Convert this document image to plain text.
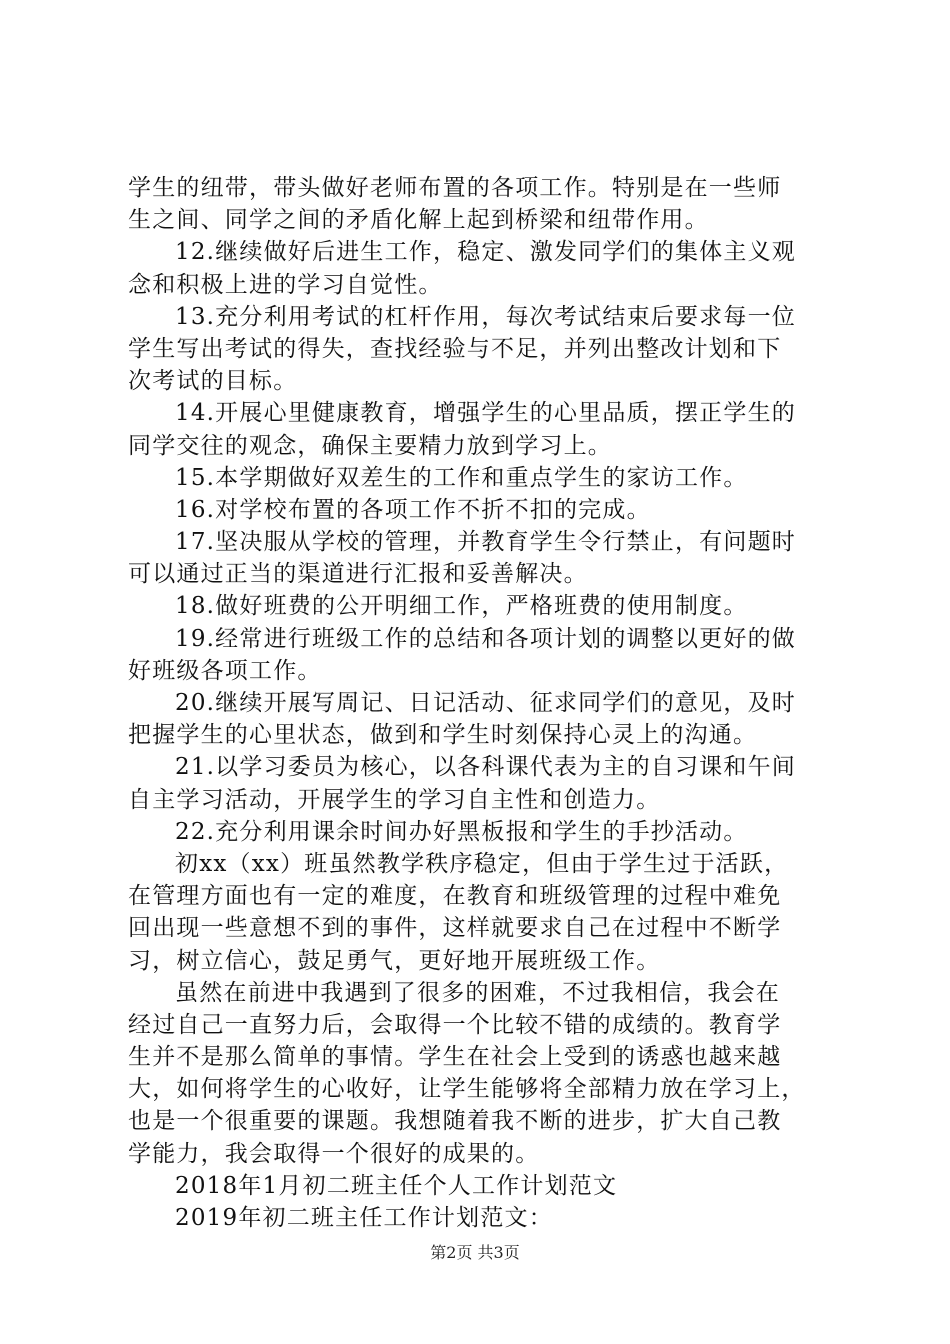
学生的纽带，带头做好老师布置的各项工作。特别是在一些师
生之间、同学之间的矛盾化解上起到桥梁和纽带作用。
12.继续做好后进生工作，稳定、激发同学们的集体主义观
念和积极上进的学习自觉性。
13.充分利用考试的杠杆作用，每次考试结束后要求每一位
学生写出考试的得失，查找经验与不足，并列出整改计划和下
次考试的目标。
14.开展心里健康教育，增强学生的心里品质，摆正学生的
同学交往的观念，确保主要精力放到学习上。
15.本学期做好双差生的工作和重点学生的家访工作。
16.对学校布置的各项工作不折不扣的完成。
17.坚决服从学校的管理，并教育学生令行禁止，有问题时
可以通过正当的渠道进行汇报和妥善解决。
18.做好班费的公开明细工作，严格班费的使用制度。
19.经常进行班级工作的总结和各项计划的调整以更好的做
好班级各项工作。
20.继续开展写周记、日记活动、征求同学们的意见，及时
把握学生的心里状态，做到和学生时刻保持心灵上的沟通。
21.以学习委员为核心，以各科课代表为主的自习课和午间
自主学习活动，开展学生的学习自主性和创造力。
22.充分利用课余时间办好黑板报和学生的手抄活动。
初xx（xx）班虽然教学秩序稳定，但由于学生过于活跃，
在管理方面也有一定的难度，在教育和班级管理的过程中难免
回出现一些意想不到的事件，这样就要求自己在过程中不断学
习，树立信心，鼓足勇气，更好地开展班级工作。
虽然在前进中我遇到了很多的困难，不过我相信，我会在
经过自己一直努力后，会取得一个比较不错的成绩的。教育学
生并不是那么简单的事情。学生在社会上受到的诱惑也越来越
大，如何将学生的心收好，让学生能够将全部精力放在学习上，
也是一个很重要的课题。我想随着我不断的进步，扩大自己教
学能力，我会取得一个很好的成果的。
2018年1月初二班主任个人工作计划范文
2019年初二班主任工作计划范文：
第2页 共3页
